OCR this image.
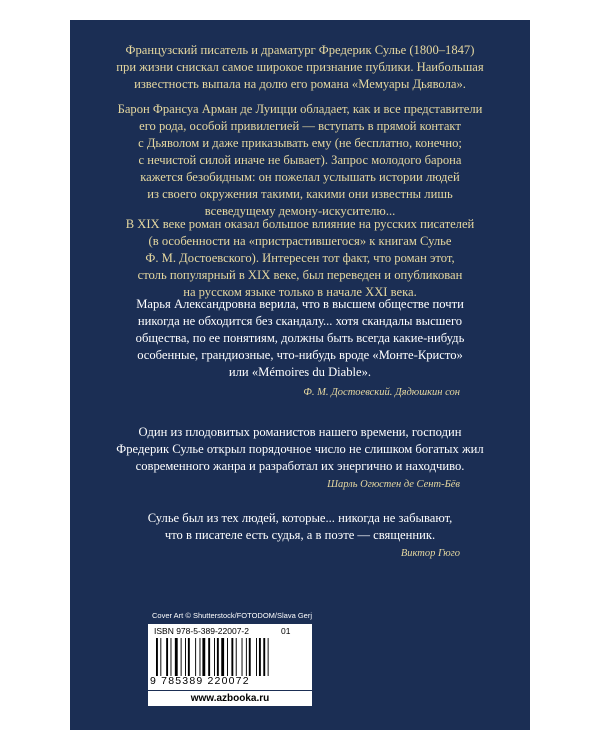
Французский писатель и драматург Фредерик Сулье (1800–1847)
при жизни снискал самое широкое признание публики. Наибольшая
известность выпала на долю его романа «Мемуары Дьявола».
Барон Франсуа Арман де Луицци обладает, как и все представители
его рода, особой привилегией — вступать в прямой контакт
с Дьяволом и даже приказывать ему (не бесплатно, конечно;
с нечистой силой иначе не бывает). Запрос молодого барона
кажется безобидным: он пожелал услышать истории людей
из своего окружения такими, какими они известны лишь
всеведущему демону-искусителю...
В XIX веке роман оказал большое влияние на русских писателей
(в особенности на «пристрастившегося» к книгам Сулье
Ф. М. Достоевского). Интересен тот факт, что роман этот,
столь популярный в XIX веке, был переведен и опубликован
на русском языке только в начале XXI века.
Марья Александровна верила, что в высшем обществе почти
никогда не обходится без скандалу... хотя скандалы высшего
общества, по ее понятиям, должны быть всегда какие-нибудь
особенные, грандиозные, что-нибудь вроде «Монте-Кристо»
или «Mémoires du Diable».

Ф. М. Достоевский. Дядюшкин сон

Один из плодовитых романистов нашего времени, господин
Фредерик Сулье открыл порядочное число не слишком богатых жил
современного жанра и разработал их энергично и находчиво.

Шарль Огюстен де Сент-Бёв

Сулье был из тех людей, которые... никогда не забывают,
что в писателе есть судья, а в поэте — священник.

Виктор Гюго

Cover Art © Shutterstock/FOTODOM/Slava Gerj

ISBN 978-5-389-22007-2	01

9 785389 220072

www.azbooka.ru
